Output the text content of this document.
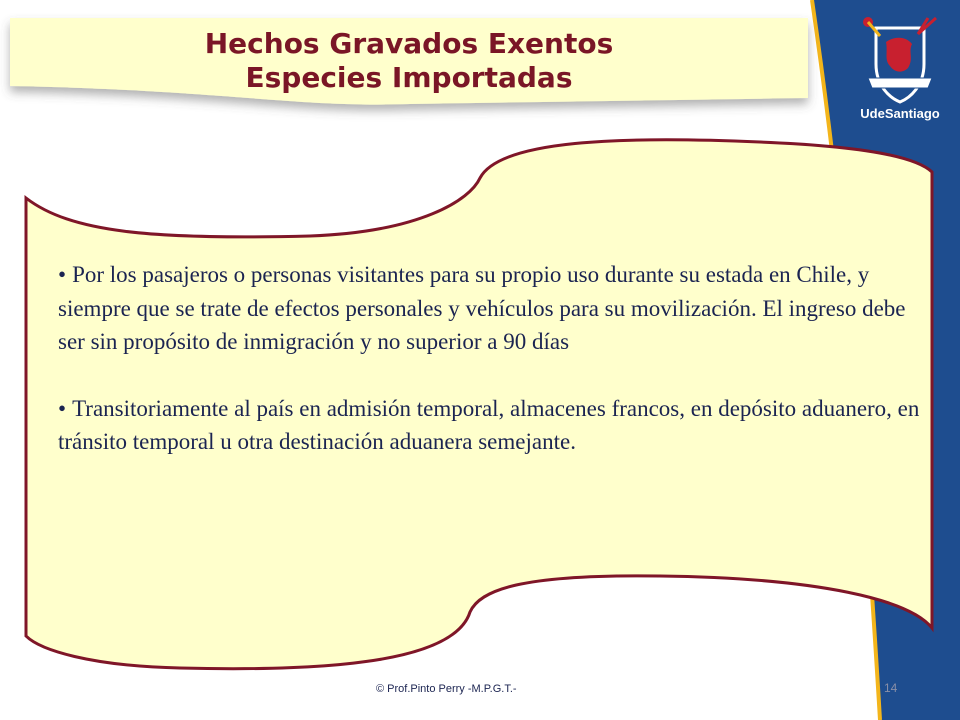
Hechos Gravados Exentos
Especies Importadas
UdeSantiago

• Por los pasajeros o personas visitantes para su propio uso durante su estada en Chile, y siempre que se trate de efectos personales y vehículos para su movilización. El ingreso debe ser sin propósito de inmigración y no superior a 90 días

• Transitoriamente al país en admisión temporal, almacenes francos, en depósito aduanero, en tránsito temporal u otra destinación aduanera semejante.

© Prof.Pinto Perry -M.P.G.T.-	14
